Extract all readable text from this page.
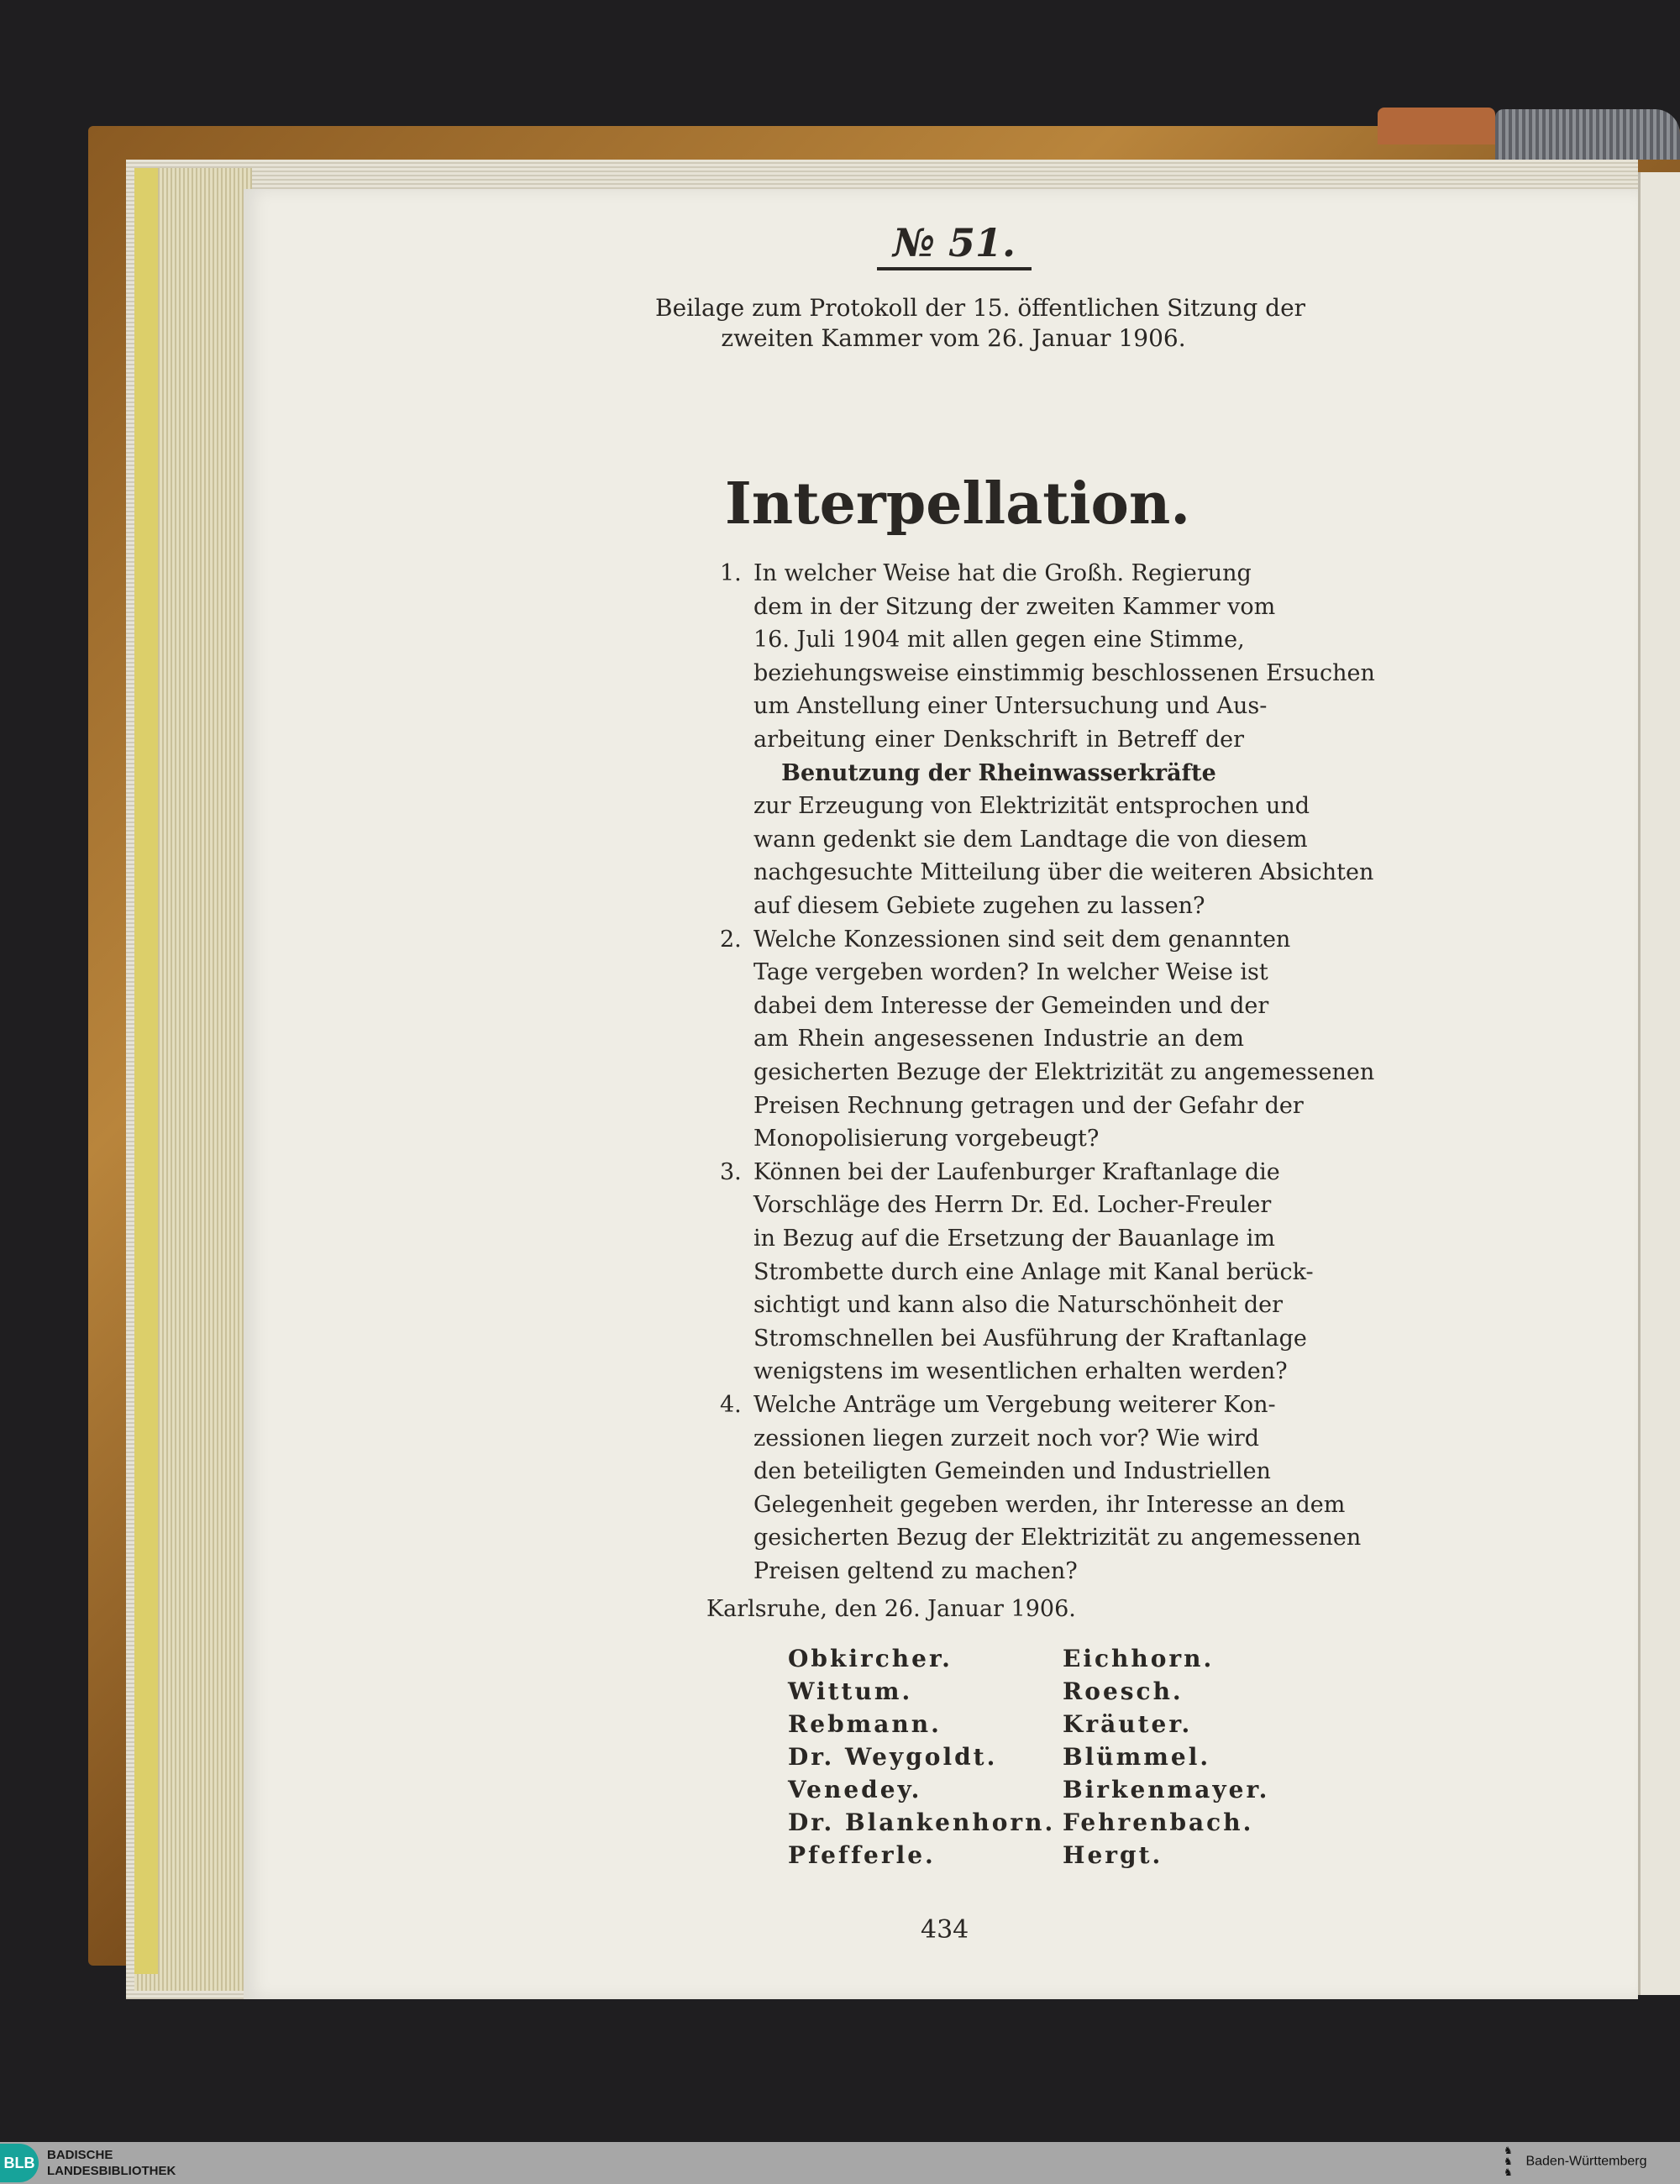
№ 51.
Beilage zum Protokoll der 15. öffentlichen Sitzung der
zweiten Kammer vom 26. Januar 1906.
Interpellation.
1. In welcher Weise hat die Großh. Regierung
dem in der Sitzung der zweiten Kammer vom
16. Juli 1904 mit allen gegen eine Stimme,
beziehungsweise einstimmig beschlossenen Ersuchen
um Anstellung einer Untersuchung und Aus-
arbeitung einer Denkschrift in Betreff der
Benutzung der Rheinwasserkräfte
zur Erzeugung von Elektrizität entsprochen und
wann gedenkt sie dem Landtage die von diesem
nachgesuchte Mitteilung über die weiteren Absichten
auf diesem Gebiete zugehen zu lassen?
2. Welche Konzessionen sind seit dem genannten
Tage vergeben worden? In welcher Weise ist
dabei dem Interesse der Gemeinden und der
am Rhein angesessenen Industrie an dem
gesicherten Bezuge der Elektrizität zu angemessenen
Preisen Rechnung getragen und der Gefahr der
Monopolisierung vorgebeugt?
3. Können bei der Laufenburger Kraftanlage die
Vorschläge des Herrn Dr. Ed. Locher-Freuler
in Bezug auf die Ersetzung der Bauanlage im
Strombette durch eine Anlage mit Kanal berück-
sichtigt und kann also die Naturschönheit der
Stromschnellen bei Ausführung der Kraftanlage
wenigstens im wesentlichen erhalten werden?
4. Welche Anträge um Vergebung weiterer Kon-
zessionen liegen zurzeit noch vor? Wie wird
den beteiligten Gemeinden und Industriellen
Gelegenheit gegeben werden, ihr Interesse an dem
gesicherten Bezug der Elektrizität zu angemessenen
Preisen geltend zu machen?
Karlsruhe, den 26. Januar 1906.
Obkircher.
Wittum.
Rebmann.
Dr. Weygoldt.
Venedey.
Dr. Blankenhorn.
Pfefferle.
Eichhorn.
Roesch.
Kräuter.
Blümmel.
Birkenmayer.
Fehrenbach.
Hergt.
434
BLB BADISCHE
LANDESBIBLIOTHEK
♞
♞
♞ Baden-Württemberg
